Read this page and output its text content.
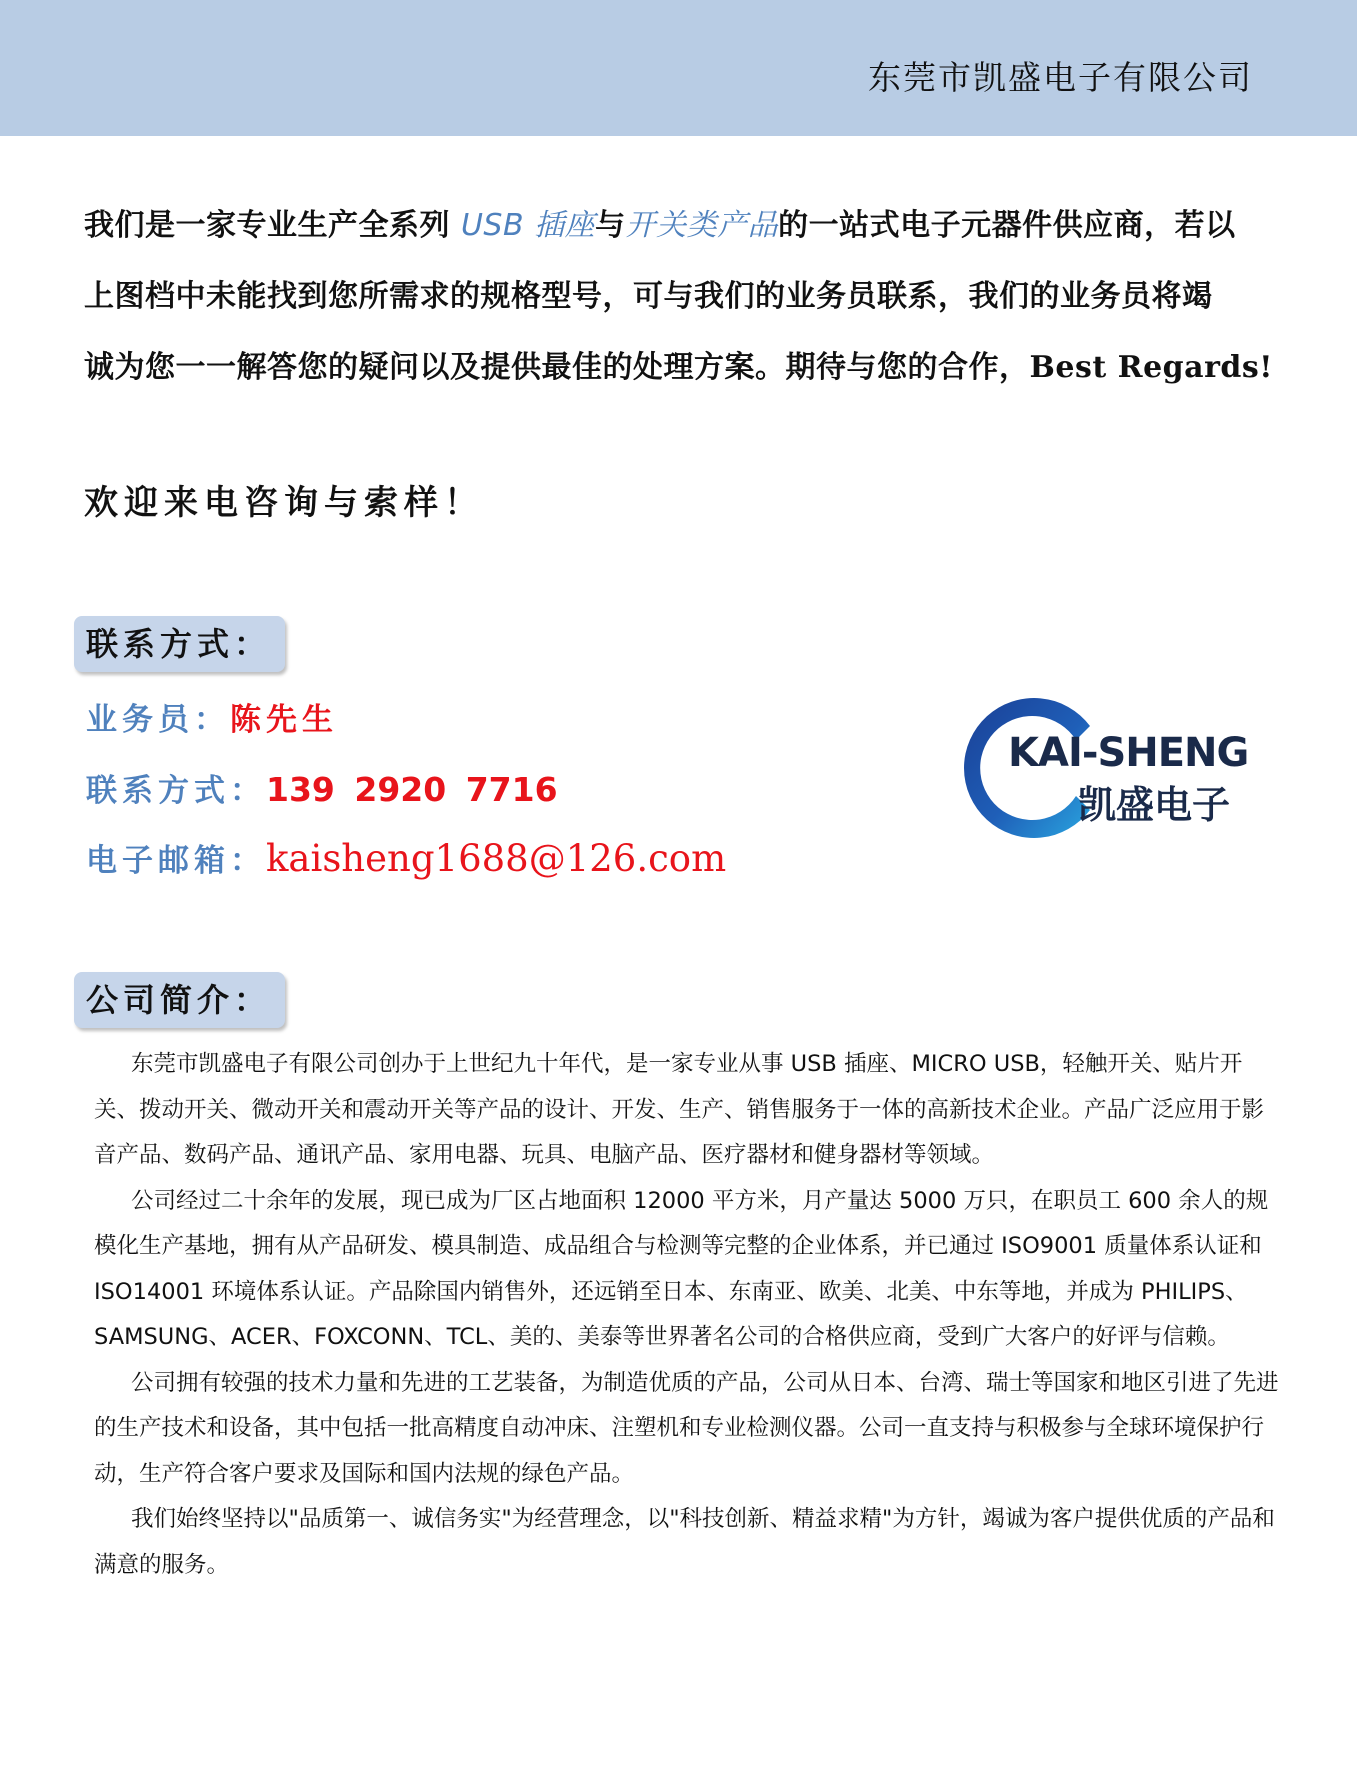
东莞市凯盛电子有限公司

我们是一家专业生产全系列 USB 插座与开关类产品的一站式电子元器件供应商，若以

上图档中未能找到您所需求的规格型号，可与我们的业务员联系，我们的业务员将竭

诚为您一一解答您的疑问以及提供最佳的处理方案。期待与您的合作，Best Regards!

欢迎来电咨询与索样！
联系方式：
业务员：陈先生
联系方式：139 2920 7716
电子邮箱：kaisheng1688@126.com
KAI-SHENG
凯盛电子
公司简介：

东莞市凯盛电子有限公司创办于上世纪九十年代，是一家专业从事 USB 插座、MICRO USB，轻触开关、贴片开关、拨动开关、微动开关和震动开关等产品的设计、开发、生产、销售服务于一体的高新技术企业。产品广泛应用于影音产品、数码产品、通讯产品、家用电器、玩具、电脑产品、医疗器材和健身器材等领域。

公司经过二十余年的发展，现已成为厂区占地面积 12000 平方米，月产量达 5000 万只，在职员工 600 余人的规模化生产基地，拥有从产品研发、模具制造、成品组合与检测等完整的企业体系，并已通过 ISO9001 质量体系认证和 ISO14001 环境体系认证。产品除国内销售外，还远销至日本、东南亚、欧美、北美、中东等地，并成为 PHILIPS、SAMSUNG、ACER、FOXCONN、TCL、美的、美泰等世界著名公司的合格供应商，受到广大客户的好评与信赖。

公司拥有较强的技术力量和先进的工艺装备，为制造优质的产品，公司从日本、台湾、瑞士等国家和地区引进了先进的生产技术和设备，其中包括一批高精度自动冲床、注塑机和专业检测仪器。公司一直支持与积极参与全球环境保护行动，生产符合客户要求及国际和国内法规的绿色产品。

我们始终坚持以"品质第一、诚信务实"为经营理念，以"科技创新、精益求精"为方针，竭诚为客户提供优质的产品和满意的服务。
